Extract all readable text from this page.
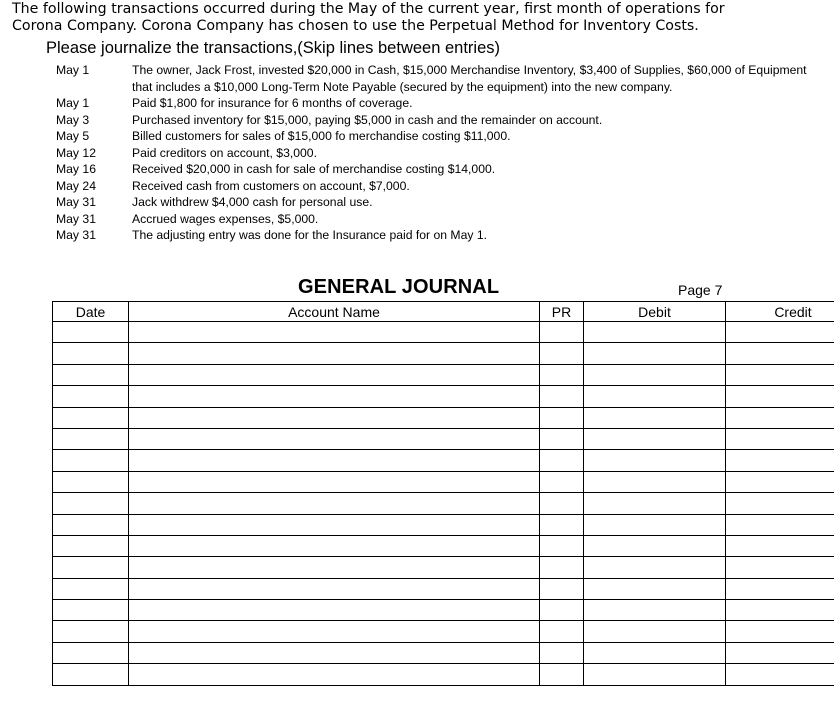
The following transactions occurred during the May of the current year, first month of operations for
Corona Company. Corona Company has chosen to use the Perpetual Method for Inventory Costs.
Please journalize the transactions,(Skip lines between entries)
May 1	The owner, Jack Frost, invested $20,000 in Cash, $15,000 Merchandise Inventory, $3,400 of Supplies, $60,000 of Equipment that includes a $10,000 Long-Term Note Payable (secured by the equipment) into the new company.
May 1	Paid $1,800 for insurance for 6 months of coverage.
May 3	Purchased inventory for $15,000, paying $5,000 in cash and the remainder on account.
May 5	Billed customers for sales of $15,000 fo merchandise costing $11,000.
May 12	Paid creditors on account, $3,000.
May 16	Received $20,000 in cash for sale of merchandise costing $14,000.
May 24	Received cash from customers on account, $7,000.
May 31	Jack withdrew $4,000 cash for personal use.
May 31	Accrued wages expenses, $5,000.
May 31	The adjusting entry was done for the Insurance paid for on May 1.
GENERAL JOURNAL	Page 7
Date	Account Name	PR	Debit	Credit
